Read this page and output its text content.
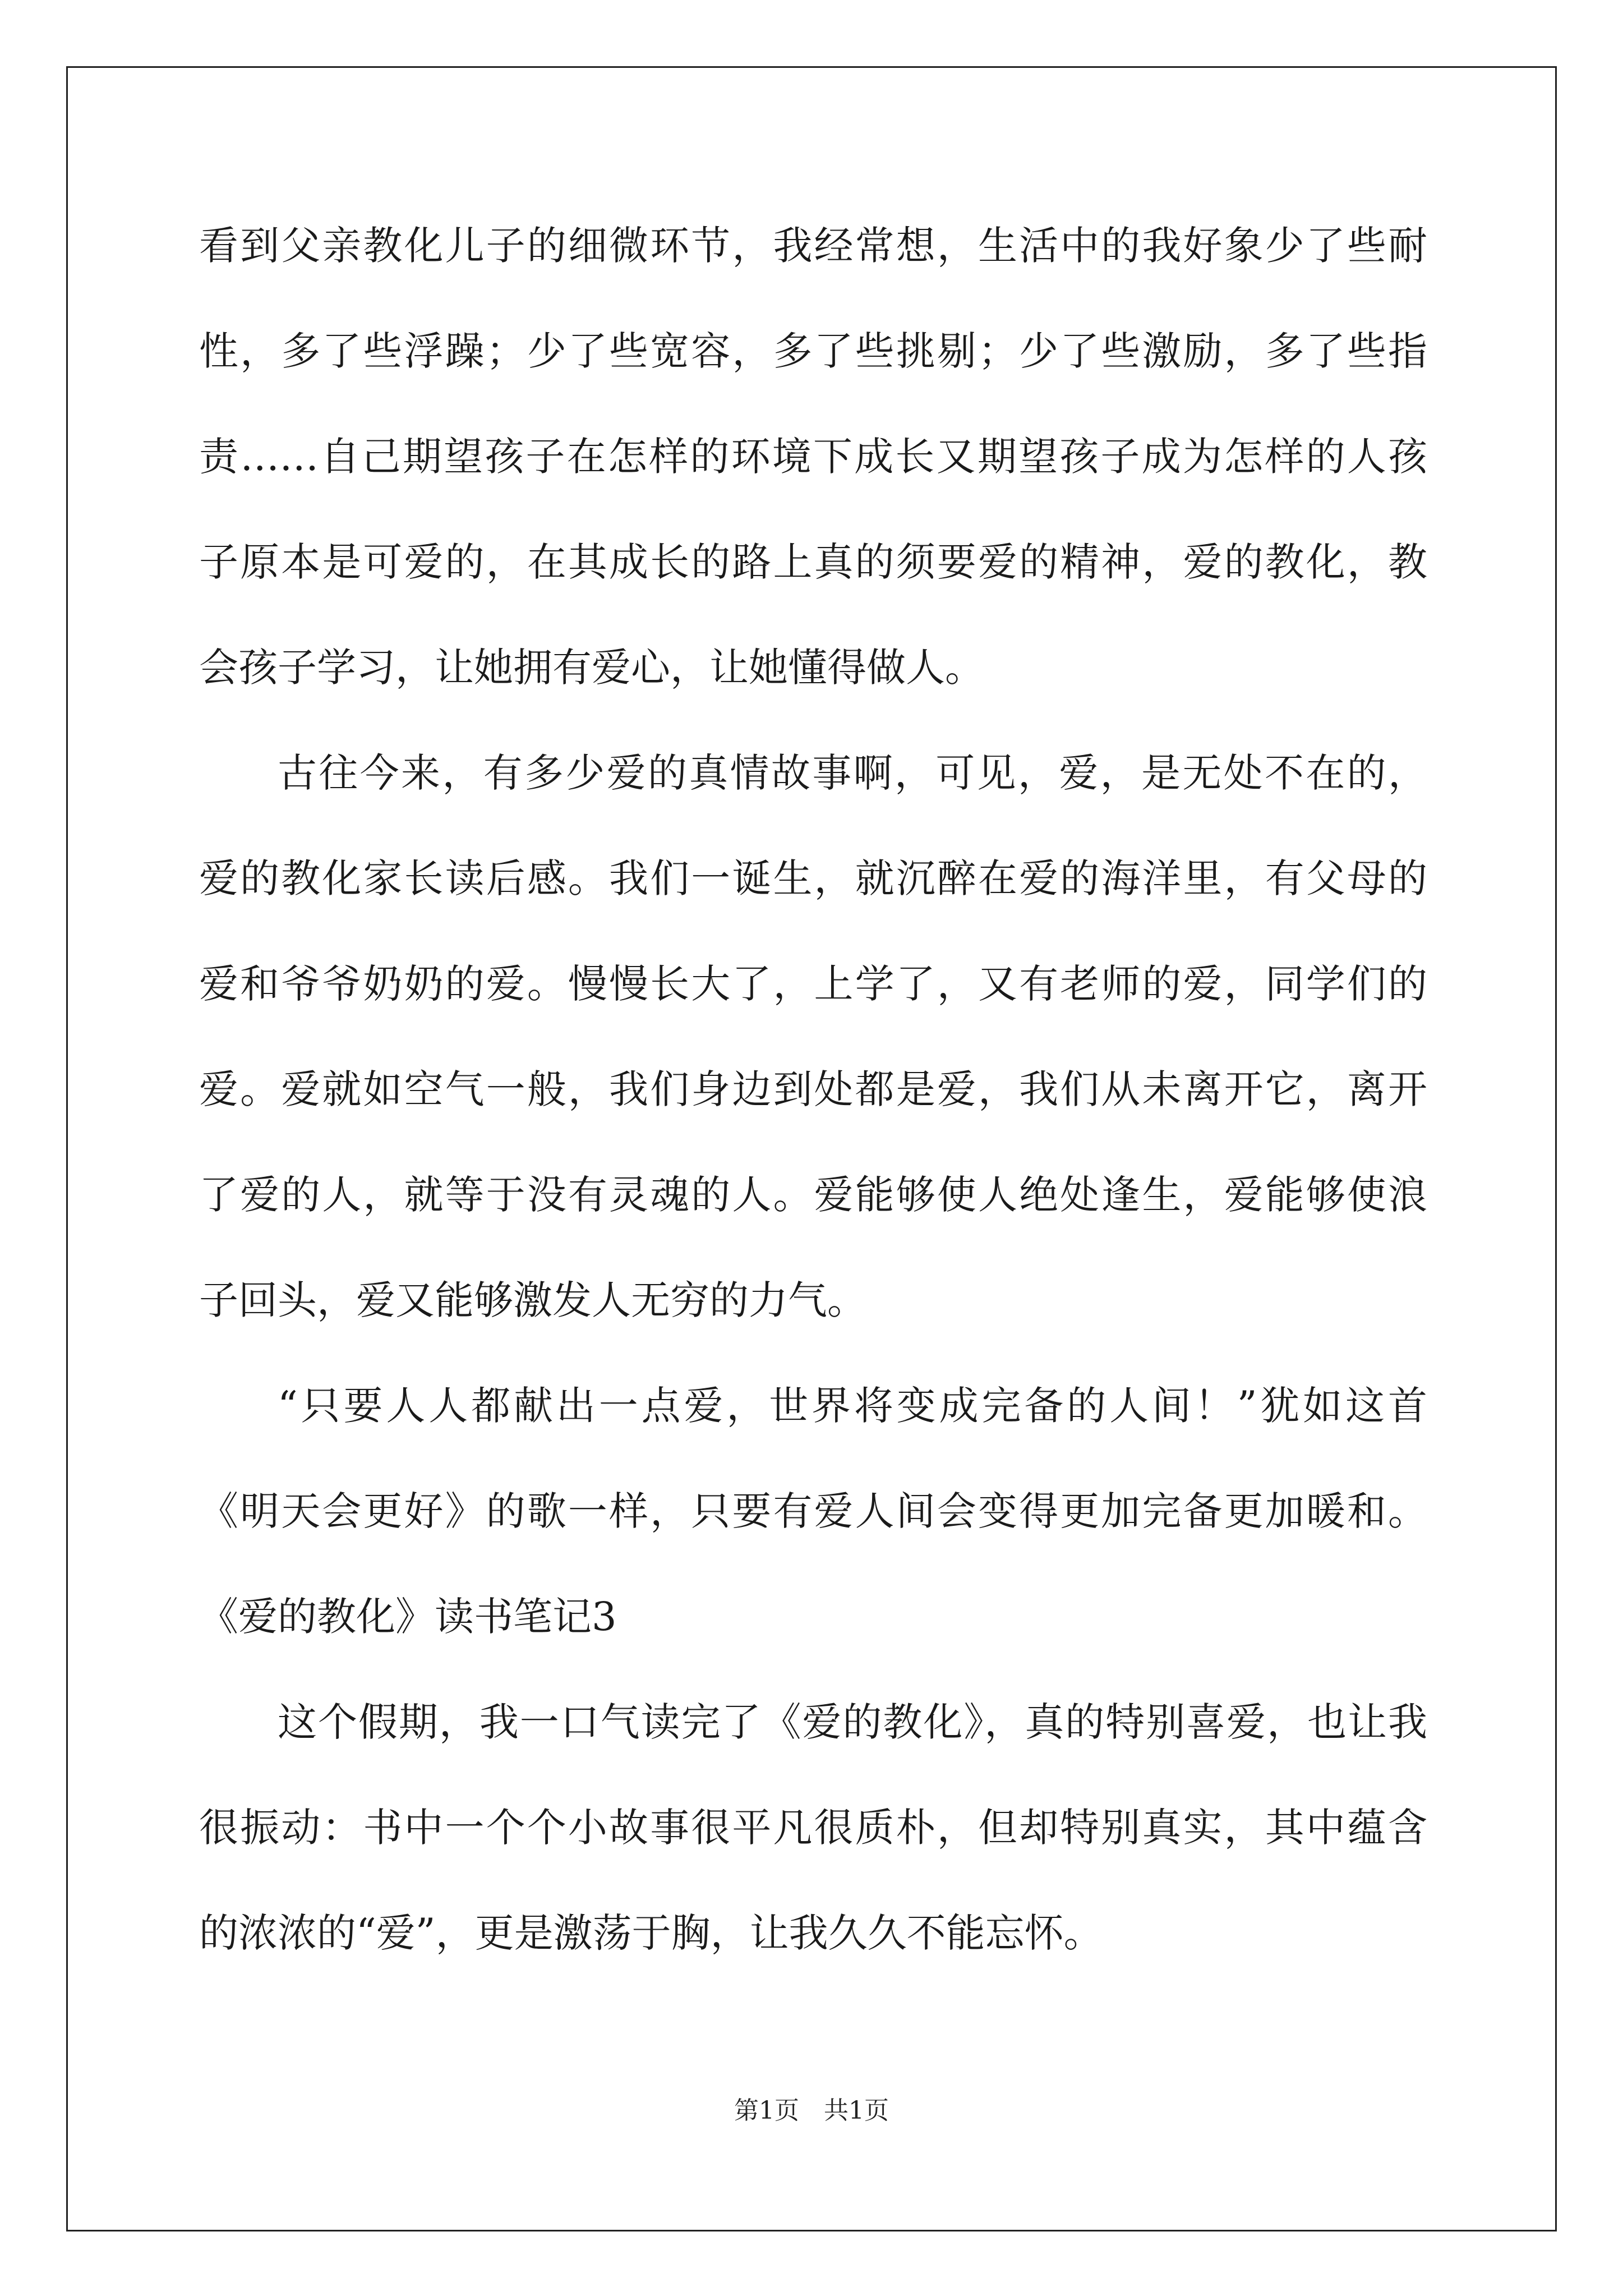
看到父亲教化儿子的细微环节，我经常想，生活中的我好象少了些耐
性，多了些浮躁；少了些宽容，多了些挑剔；少了些激励，多了些指
责……自己期望孩子在怎样的环境下成长又期望孩子成为怎样的人孩
子原本是可爱的，在其成长的路上真的须要爱的精神，爱的教化，教
会孩子学习，让她拥有爱心，让她懂得做人。
古往今来，有多少爱的真情故事啊，可见，爱，是无处不在的，
爱的教化家长读后感。我们一诞生，就沉醉在爱的海洋里，有父母的
爱和爷爷奶奶的爱。慢慢长大了，上学了，又有老师的爱，同学们的
爱。爱就如空气一般，我们身边到处都是爱，我们从未离开它，离开
了爱的人，就等于没有灵魂的人。爱能够使人绝处逢生，爱能够使浪
子回头，爱又能够激发人无穷的力气。
“只要人人都献出一点爱，世界将变成完备的人间！”犹如这首
《明天会更好》的歌一样，只要有爱人间会变得更加完备更加暖和。
《爱的教化》读书笔记3
这个假期，我一口气读完了《爱的教化》，真的特别喜爱，也让我
很振动：书中一个个小故事很平凡很质朴，但却特别真实，其中蕴含
的浓浓的“爱”，更是激荡于胸，让我久久不能忘怀。
第1页　共1页
